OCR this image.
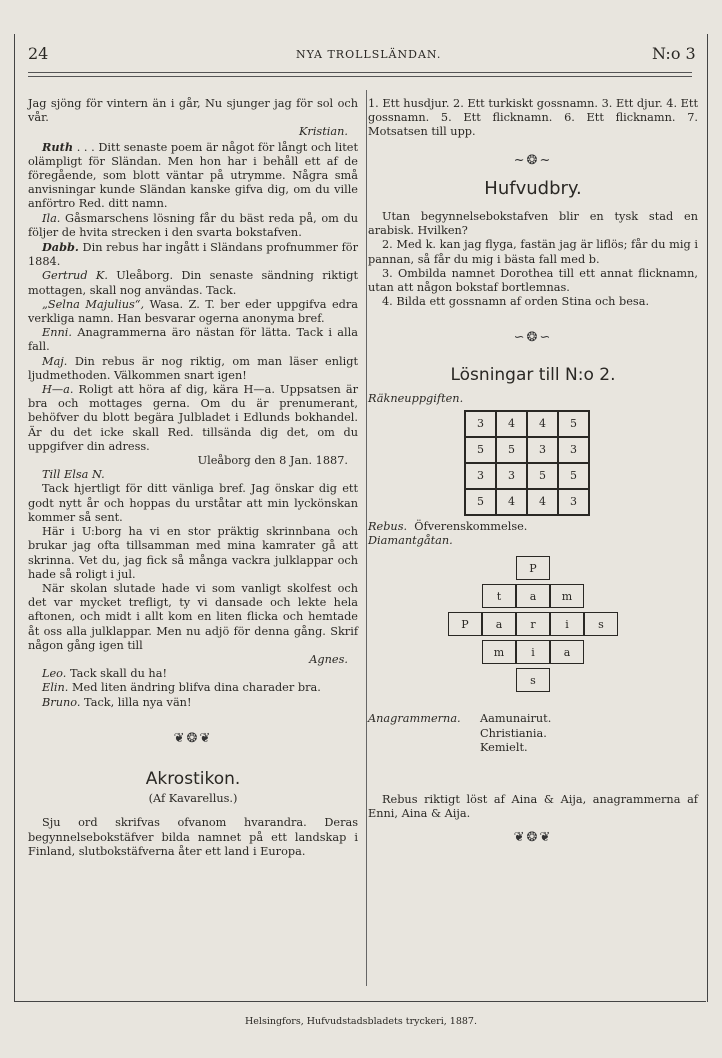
24	NYA TROLLSLÄNDAN.	N:o 3

Jag sjöng för vintern än i går, Nu sjunger jag för sol och vår.

Kristian.

Ruth . . . Ditt senaste poem är något för långt och litet olämpligt för Sländan. Men hon har i behåll ett af de föregående, som blott väntar på utrymme. Några små anvisningar kunde Sländan kanske gifva dig, om du ville anförtro Red. ditt namn.

Ila. Gåsmarschens lösning får du bäst reda på, om du följer de hvita strecken i den svarta bokstafven.

Dabb. Din rebus har ingått i Sländans profnummer för 1884.

Gertrud K. Uleåborg. Din senaste sändning riktigt mottagen, skall nog användas. Tack.

„Selna Majulius“, Wasa. Z. T. ber eder uppgifva edra verkliga namn. Han besvarar ogerna anonyma bref.

Enni. Anagrammerna äro nästan för lätta. Tack i alla fall.

Maj. Din rebus är nog riktig, om man läser enligt ljudmethoden. Välkommen snart igen!

H—a. Roligt att höra af dig, kära H—a. Uppsatsen är bra och mottages gerna. Om du är prenumerant, behöfver du blott begära Julbladet i Edlunds bokhandel. Är du det icke skall Red. tillsända dig det, om du uppgifver din adress.

Uleåborg den 8 Jan. 1887.

Till Elsa N.

Tack hjertligt för ditt vänliga bref. Jag önskar dig ett godt nytt år och hoppas du urståtar att min lyckönskan kommer så sent.

Här i U:borg ha vi en stor präktig skrinnbana och brukar jag ofta tillsamman med mina kamrater gå att skrinna. Vet du, jag fick så många vackra julklappar och hade så roligt i jul.

När skolan slutade hade vi som vanligt skolfest och det var mycket trefligt, ty vi dansade och lekte hela aftonen, och midt i allt kom en liten flicka och hemtade åt oss alla julklappar. Men nu adjö för denna gång. Skrif någon gång igen till

Agnes.

Leo. Tack skall du ha!

Elin. Med liten ändring blifva dina charader bra.

Bruno. Tack, lilla nya vän!

❦❂❦
Akrostikon.

(Af Kavarellus.)

Sju ord skrifvas ofvanom hvarandra. Deras begynnelsebokstäfver bilda namnet på ett landskap i Finland, slutbokstäfverna åter ett land i Europa.

1. Ett husdjur. 2. Ett turkiskt gossnamn. 3. Ett djur. 4. Ett gossnamn. 5. Ett flicknamn. 6. Ett flicknamn. 7. Motsatsen till upp.

~❂~
Hufvudbry.

Utan begynnelsebokstafven blir en tysk stad en arabisk. Hvilken?

2. Med k. kan jag flyga, fastän jag är liflös; får du mig i pannan, så får du mig i bästa fall med b.

3. Ombilda namnet Dorothea till ett annat flicknamn, utan att någon bokstaf bortlemnas.

4. Bilda ett gossnamn af orden Stina och besa.

∽❂∽
Lösningar till N:o 2.

Räkneuppgiften.

3	4	4	5
5	5	3	3
3	3	5	5
5	4	4	3

Rebus. Öfverenskommelse.

Diamantgåtan.

P
t	a	m
P	a	r	i	s
m	i	a
s
Anagrammerna.	Aamunairut.
Christiania.
Kemielt.

Rebus riktigt löst af Aina & Aija, anagrammerna af Enni, Aina & Aija.

❦❂❦
Helsingfors, Hufvudstadsbladets tryckeri, 1887.
